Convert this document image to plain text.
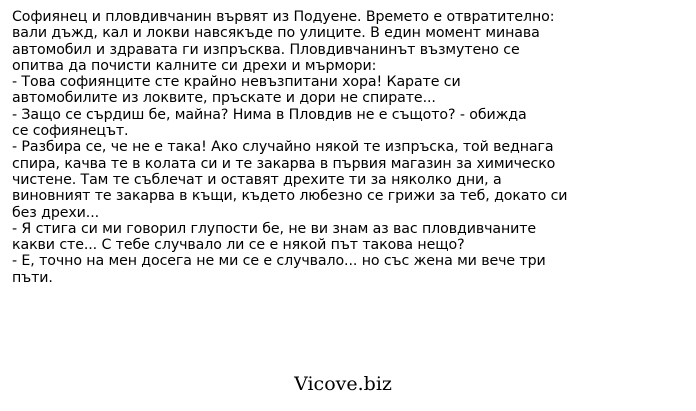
Софиянец и пловдивчанин вървят из Подуене. Времето е отвратително:
вали дъжд, кал и локви навсякъде по улиците. В един момент минава
автомобил и здравата ги изпръсква. Пловдивчанинът възмутено се
опитва да почисти калните си дрехи и мърмори:
- Това софиянците сте крайно невъзпитани хора! Карате си
автомобилите из локвите, пръскате и дори не спирате...
- Защо се сърдиш бе, майна? Нима в Пловдив не е същото? - обижда
се софиянецът.
- Разбира се, че не е така! Ако случайно някой те изпръска, той веднага
спира, качва те в колата си и те закарва в първия магазин за химическо
чистене. Там те съблечат и оставят дрехите ти за няколко дни, а
виновният те закарва в къщи, където любезно се грижи за теб, докато си
без дрехи...
- Я стига си ми говорил глупости бе, не ви знам аз вас пловдивчаните
какви сте... С тебе случвало ли се е някой път такова нещо?
- Е, точно на мен досега не ми се е случвало... но със жена ми вече три
пъти.
Vicove.biz
